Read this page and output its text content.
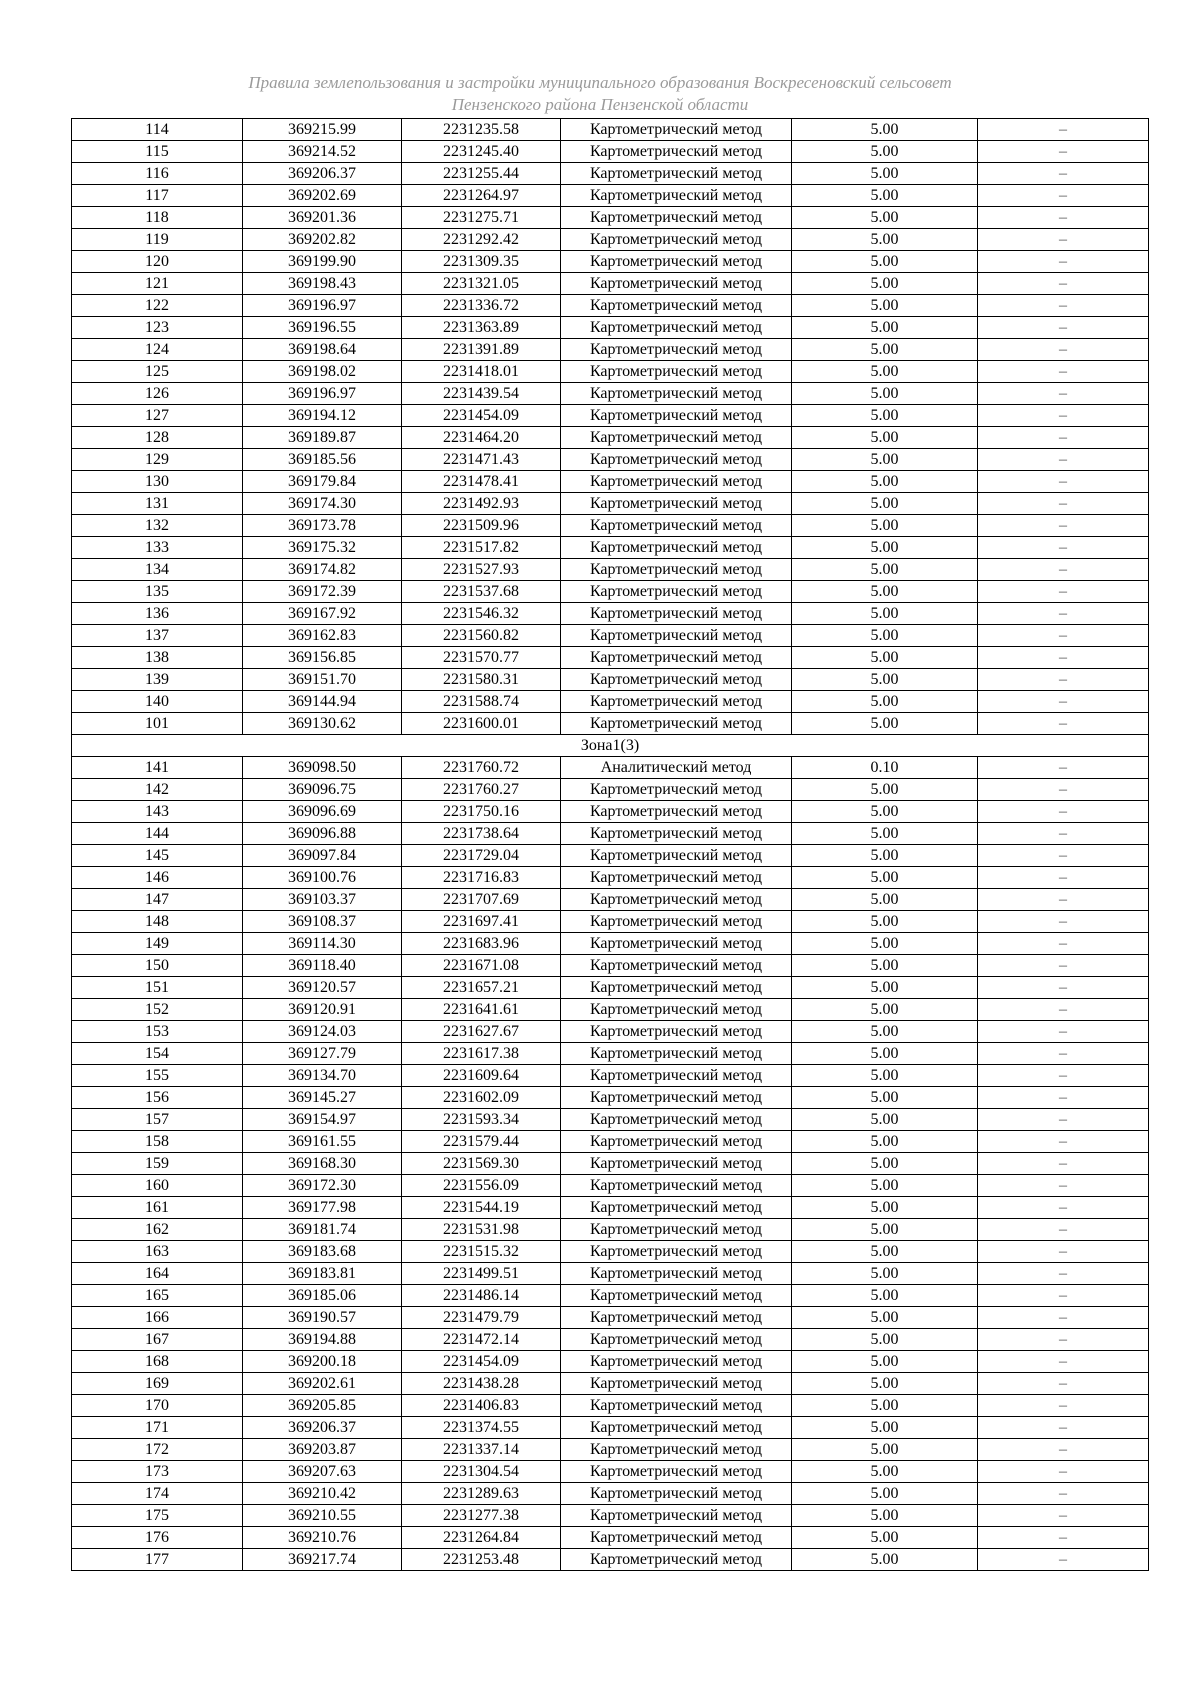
Правила землепользования и застройки муниципального образования Воскресеновский сельсовет
Пензенского района Пензенской области
114	369215.99	2231235.58	Картометрический метод	5.00	–
115	369214.52	2231245.40	Картометрический метод	5.00	–
116	369206.37	2231255.44	Картометрический метод	5.00	–
117	369202.69	2231264.97	Картометрический метод	5.00	–
118	369201.36	2231275.71	Картометрический метод	5.00	–
119	369202.82	2231292.42	Картометрический метод	5.00	–
120	369199.90	2231309.35	Картометрический метод	5.00	–
121	369198.43	2231321.05	Картометрический метод	5.00	–
122	369196.97	2231336.72	Картометрический метод	5.00	–
123	369196.55	2231363.89	Картометрический метод	5.00	–
124	369198.64	2231391.89	Картометрический метод	5.00	–
125	369198.02	2231418.01	Картометрический метод	5.00	–
126	369196.97	2231439.54	Картометрический метод	5.00	–
127	369194.12	2231454.09	Картометрический метод	5.00	–
128	369189.87	2231464.20	Картометрический метод	5.00	–
129	369185.56	2231471.43	Картометрический метод	5.00	–
130	369179.84	2231478.41	Картометрический метод	5.00	–
131	369174.30	2231492.93	Картометрический метод	5.00	–
132	369173.78	2231509.96	Картометрический метод	5.00	–
133	369175.32	2231517.82	Картометрический метод	5.00	–
134	369174.82	2231527.93	Картометрический метод	5.00	–
135	369172.39	2231537.68	Картометрический метод	5.00	–
136	369167.92	2231546.32	Картометрический метод	5.00	–
137	369162.83	2231560.82	Картометрический метод	5.00	–
138	369156.85	2231570.77	Картометрический метод	5.00	–
139	369151.70	2231580.31	Картометрический метод	5.00	–
140	369144.94	2231588.74	Картометрический метод	5.00	–
101	369130.62	2231600.01	Картометрический метод	5.00	–
Зона1(3)					
141	369098.50	2231760.72	Аналитический метод	0.10	–
142	369096.75	2231760.27	Картометрический метод	5.00	–
143	369096.69	2231750.16	Картометрический метод	5.00	–
144	369096.88	2231738.64	Картометрический метод	5.00	–
145	369097.84	2231729.04	Картометрический метод	5.00	–
146	369100.76	2231716.83	Картометрический метод	5.00	–
147	369103.37	2231707.69	Картометрический метод	5.00	–
148	369108.37	2231697.41	Картометрический метод	5.00	–
149	369114.30	2231683.96	Картометрический метод	5.00	–
150	369118.40	2231671.08	Картометрический метод	5.00	–
151	369120.57	2231657.21	Картометрический метод	5.00	–
152	369120.91	2231641.61	Картометрический метод	5.00	–
153	369124.03	2231627.67	Картометрический метод	5.00	–
154	369127.79	2231617.38	Картометрический метод	5.00	–
155	369134.70	2231609.64	Картометрический метод	5.00	–
156	369145.27	2231602.09	Картометрический метод	5.00	–
157	369154.97	2231593.34	Картометрический метод	5.00	–
158	369161.55	2231579.44	Картометрический метод	5.00	–
159	369168.30	2231569.30	Картометрический метод	5.00	–
160	369172.30	2231556.09	Картометрический метод	5.00	–
161	369177.98	2231544.19	Картометрический метод	5.00	–
162	369181.74	2231531.98	Картометрический метод	5.00	–
163	369183.68	2231515.32	Картометрический метод	5.00	–
164	369183.81	2231499.51	Картометрический метод	5.00	–
165	369185.06	2231486.14	Картометрический метод	5.00	–
166	369190.57	2231479.79	Картометрический метод	5.00	–
167	369194.88	2231472.14	Картометрический метод	5.00	–
168	369200.18	2231454.09	Картометрический метод	5.00	–
169	369202.61	2231438.28	Картометрический метод	5.00	–
170	369205.85	2231406.83	Картометрический метод	5.00	–
171	369206.37	2231374.55	Картометрический метод	5.00	–
172	369203.87	2231337.14	Картометрический метод	5.00	–
173	369207.63	2231304.54	Картометрический метод	5.00	–
174	369210.42	2231289.63	Картометрический метод	5.00	–
175	369210.55	2231277.38	Картометрический метод	5.00	–
176	369210.76	2231264.84	Картометрический метод	5.00	–
177	369217.74	2231253.48	Картометрический метод	5.00	–
